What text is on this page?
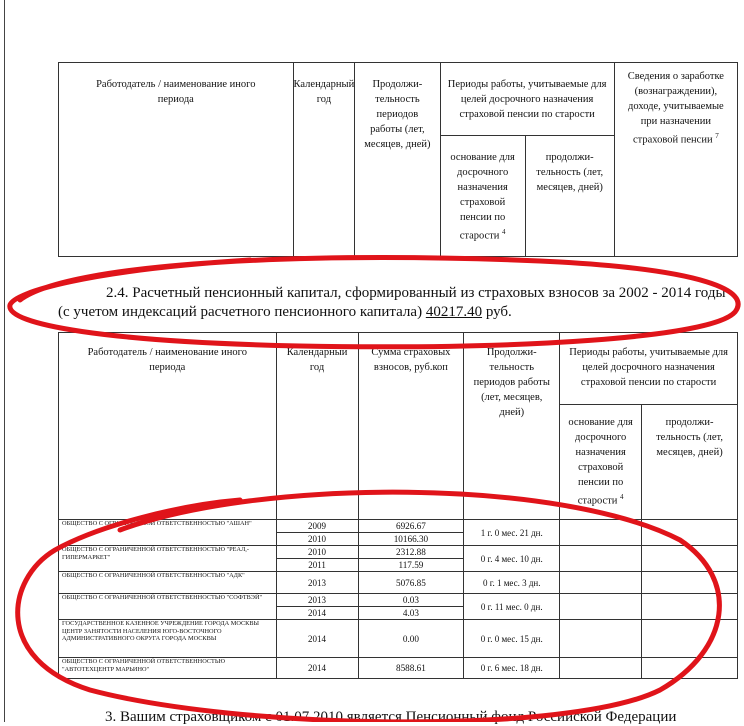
Работодатель / наименование иного периода	Календарный год	Продолжи-тельность периодов работы (лет, месяцев, дней)	Периоды работы, учитываемые для целей досрочного назначения страховой пенсии по старости		Сведения о заработке (вознаграждении), доходе, учитываемые при назначении страховой пенсии $^7$

			основание для досрочного назначения страховой пенсии по старости $^4$	продолжи-тельность (лет, месяцев, дней)	
2.4. Расчетный пенсионный капитал, сформированный из страховых взносов за 2002 - 2014 годы (с учетом индексаций расчетного пенсионного капитала) 40217.40 руб.
Работодатель / наименование иного периода	Календарный год	Сумма страховых взносов, руб.коп	Продолжи-тельность периодов работы (лет, месяцев, дней)	Периоды работы, учитываемые для целей досрочного назначения страховой пенсии по старости	

				основание для досрочного назначения страховой пенсии по старости $^4$	продолжи-тельность (лет, месяцев, дней)

ОБЩЕСТВО С ОГРАНИЧЕННОЙ ОТВЕТСТВЕННОСТЬЮ "АШАН"	2009	6926.67	1 г. 0 мес. 21 дн.		
	2010	10166.30			
ОБЩЕСТВО С ОГРАНИЧЕННОЙ ОТВЕТСТВЕННОСТЬЮ "РЕАЛ,-ГИПЕРМАРКЕТ"	2010	2312.88	0 г. 4 мес. 10 дн.		
	2011	117.59			
ОБЩЕСТВО С ОГРАНИЧЕННОЙ ОТВЕТСТВЕННОСТЬЮ "АДК"	2013	5076.85	0 г. 1 мес. 3 дн.		
ОБЩЕСТВО С ОГРАНИЧЕННОЙ ОТВЕТСТВЕННОСТЬЮ "СОФТВЭЙ"	2013	0.03	0 г. 11 мес. 0 дн.		
	2014	4.03			
ГОСУДАРСТВЕННОЕ КАЗЕННОЕ УЧРЕЖДЕНИЕ ГОРОДА МОСКВЫ ЦЕНТР ЗАНЯТОСТИ НАСЕЛЕНИЯ ЮГО-ВОСТОЧНОГО АДМИНИСТРАТИВНОГО ОКРУГА ГОРОДА МОСКВЫ	2014	0.00	0 г. 0 мес. 15 дн.		
ОБЩЕСТВО С ОГРАНИЧЕННОЙ ОТВЕТСТВЕННОСТЬЮ "АВТОТЕХЦЕНТР МАРЬИНО"	2014	8588.61	0 г. 6 мес. 18 дн.		
3. Вашим страховщиком с 01.07.2010 является Пенсионный фонд Российской Федерации
